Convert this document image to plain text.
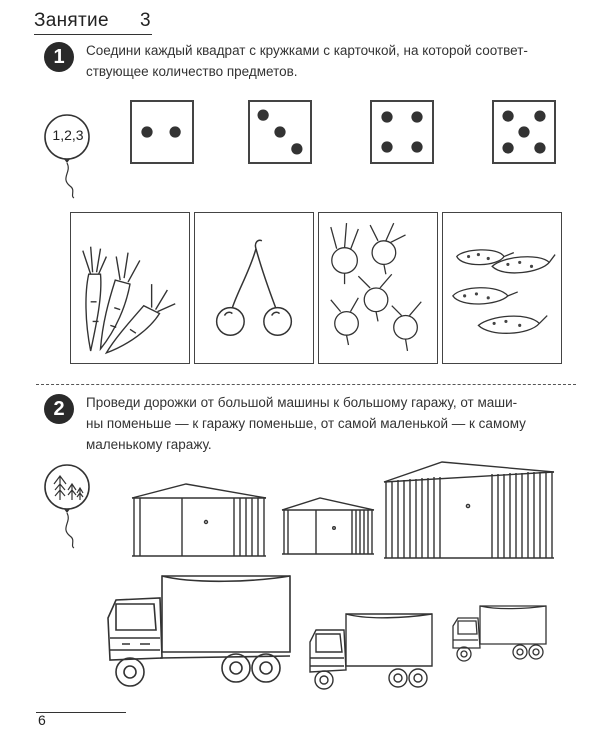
Занятие 3
1 Соедини каждый квадрат с кружками с карточкой, на которой соответ-
ствующее количество предметов.
1,2,3
2 Проведи дорожки от большой машины к большому гаражу, от маши-
ны поменьше — к гаражу поменьше, от самой маленькой — к самому
маленькому гаражу.
6
